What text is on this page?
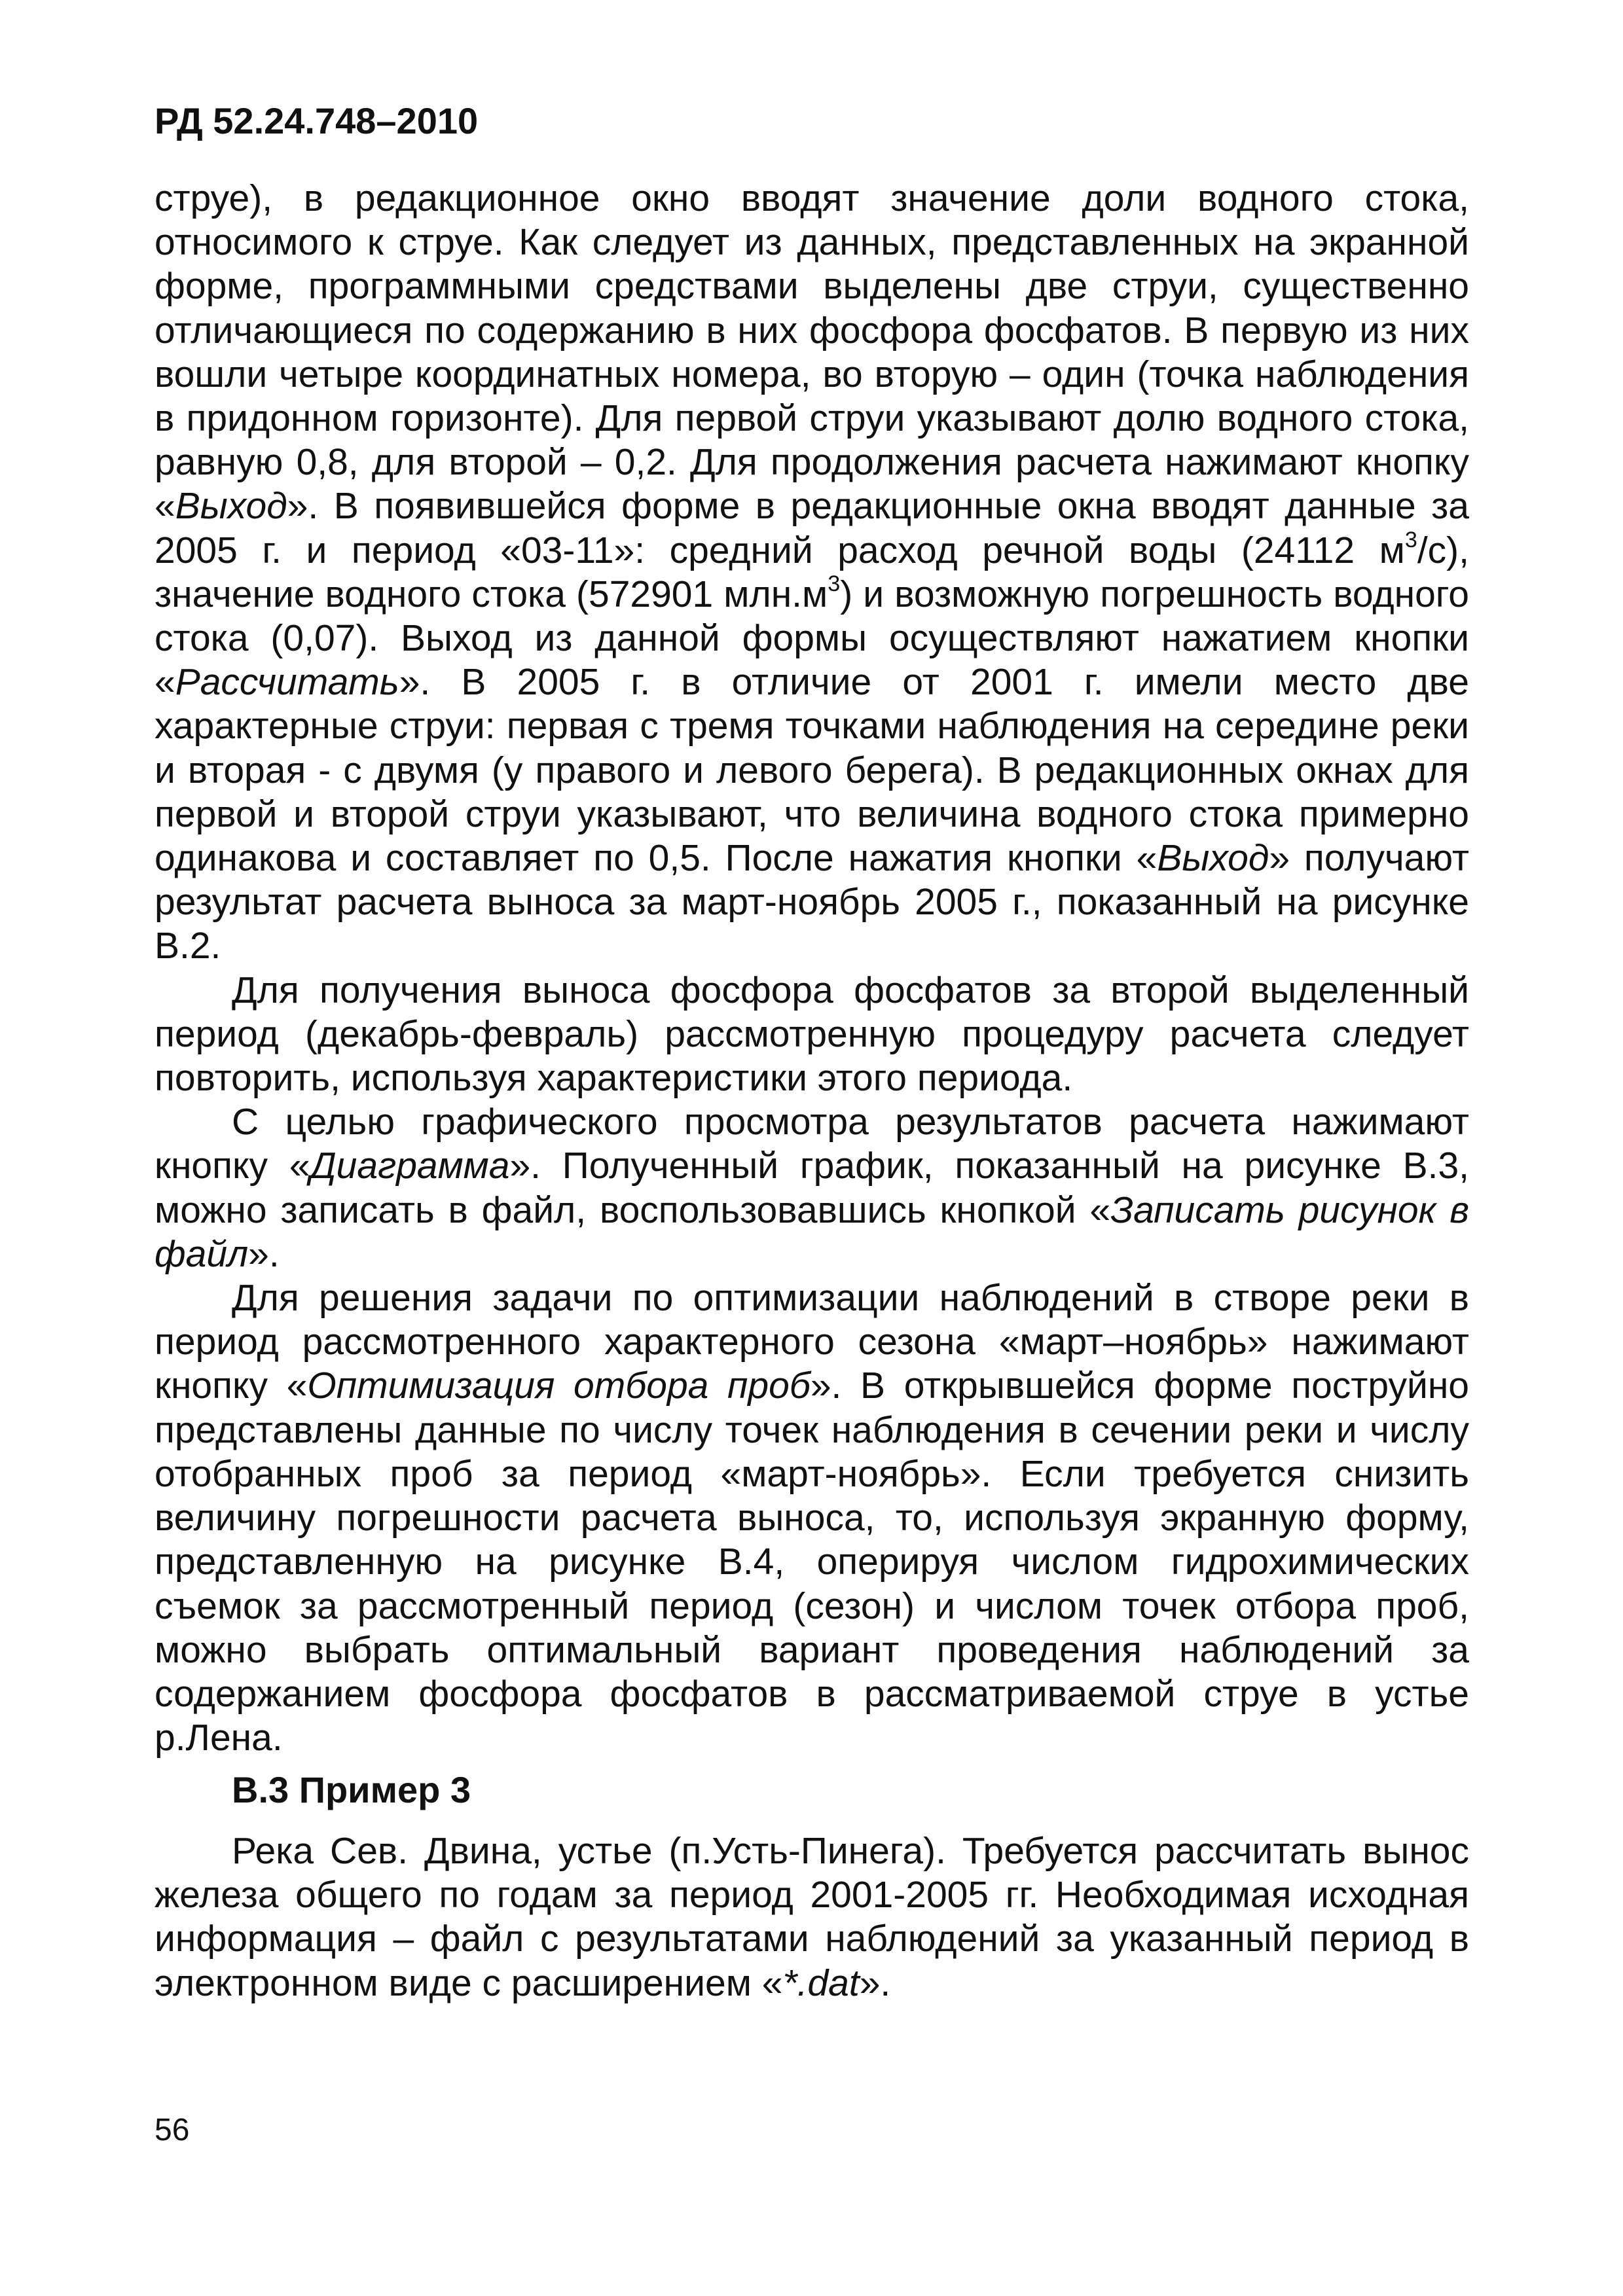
РД 52.24.748–2010

струе), в редакционное окно вводят значение доли водного стока, относимого к струе. Как следует из данных, представленных на экранной форме, программными средствами выделены две струи, существенно отличающиеся по содержанию в них фосфора фосфатов. В первую из них вошли четыре координатных номера, во вторую – один (точка наблюдения в придонном горизонте). Для первой струи указывают долю водного стока, равную 0,8, для второй – 0,2. Для продолжения расчета нажимают кнопку «Выход». В появившейся форме в редакционные окна вводят данные за 2005 г. и период «03-11»: средний расход речной воды (24112 $м^3/с$), значение водного стока (572901 $млн.м^3$) и возможную погрешность водного стока (0,07). Выход из данной формы осуществляют нажатием кнопки «Рассчитать». В 2005 г. в отличие от 2001 г. имели место две характерные струи: первая с тремя точками наблюдения на середине реки и вторая - с двумя (у правого и левого берега). В редакционных окнах для первой и второй струи указывают, что величина водного стока примерно одинакова и составляет по 0,5. После нажатия кнопки «Выход» получают результат расчета выноса за март-ноябрь 2005 г., показанный на рисунке В.2.

Для получения выноса фосфора фосфатов за второй выделенный период (декабрь-февраль) рассмотренную процедуру расчета следует повторить, используя характеристики этого периода.

С целью графического просмотра результатов расчета нажимают кнопку «Диаграмма». Полученный график, показанный на рисунке В.3, можно записать в файл, воспользовавшись кнопкой «Записать рисунок в файл».

Для решения задачи по оптимизации наблюдений в створе реки в период рассмотренного характерного сезона «март–ноябрь» нажимают кнопку «Оптимизация отбора проб». В открывшейся форме поструйно представлены данные по числу точек наблюдения в сечении реки и числу отобранных проб за период «март-ноябрь». Если требуется снизить величину погрешности расчета выноса, то, используя экранную форму, представленную на рисунке В.4, оперируя числом гидрохимических съемок за рассмотренный период (сезон) и числом точек отбора проб, можно выбрать оптимальный вариант проведения наблюдений за содержанием фосфора фосфатов в рассматриваемой струе в устье р.Лена.

В.3 Пример 3

Река Сев. Двина, устье (п.Усть-Пинега). Требуется рассчитать вынос железа общего по годам за период 2001-2005 гг. Необходимая исходная информация – файл с результатами наблюдений за указанный период в электронном виде с расширением «*.dat».

56
